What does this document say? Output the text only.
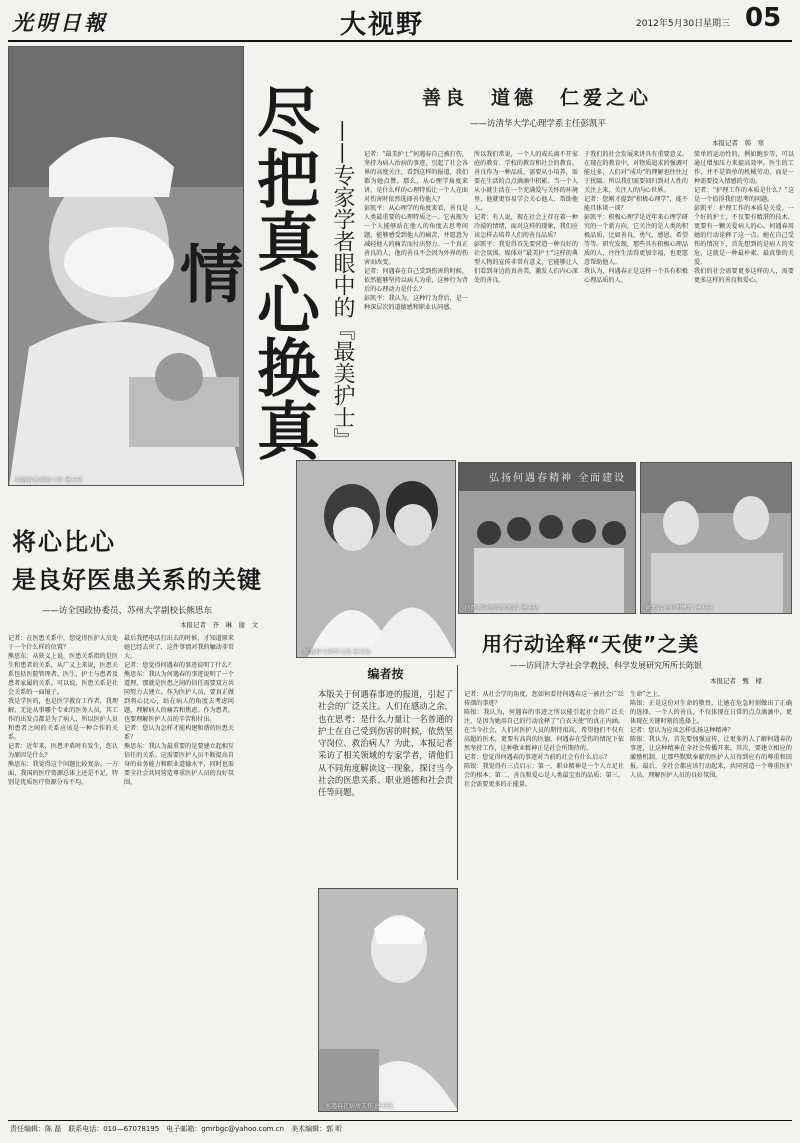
光明日報	大视野	2012年5月30日 星期三 05
何遇春在病房工作 唐天伍
尽把真心换真情	——专家学者眼中的『最美护士』
善良　道德　仁爱之心
——访清华大学心理学系主任彭凯平
本报记者　韩　寒
记者：“最美护士”何遇春自己被打伤，坚持为病人治病的事迹，引起了社会各界的高度关注，看到这样的报道，我们都为她点赞。那么，从心理学角度来讲，是什么样的心理特质让一个人在面对伤害时依然选择善待他人？
彭凯平：从心理学的角度来看，善良是人类最重要的心理特质之一。它表现为一个人能够站在他人的角度去思考问题，能够感受到他人的痛苦，并愿意为减轻他人的痛苦而付出努力。一个真正善良的人，他的善良不会因为外界的伤害而改变。
记者：何遇春在自己受到伤害的时候，依然能够坚持以病人为重，这种行为背后的心理动力是什么？
彭凯平：我认为，这种行为背后，是一种深层次的道德感和职业认同感。
所以我们常说，一个人的成长离不开家庭的教育、学校的教育和社会的教育。善良作为一种品质，需要从小培养，需要在生活的点点滴滴中积累。当一个人从小就生活在一个充满爱与关怀的环境里，他就更容易学会关心他人、帮助他人。
记者：有人说，现在社会上存在着一种冷漠的情绪，面对这样的现象，我们应该怎样去培养人们的善良品质？
彭凯平：我觉得首先要营造一种良好的社会氛围。媒体对“最美护士”这样的典型人物的宣传非常有意义，它能够让人们看到身边的真善美，激发人们内心深处的善良。
于我们的社会发展来讲具有重要意义。在现在的教育中，对物质追求的强调可能过多，人们对“成功”的理解也往往过于狭隘。所以我们需要回归到对人性的关注上来，关注人的内心世界。
记者：您刚才提到“积极心理学”，能不能具体谈一谈？
彭凯平：积极心理学是近年来心理学研究的一个新方向，它关注的是人类的积极品质，比如善良、勇气、感恩、希望等等。研究发现，那些具有积极心理品质的人，往往生活得更加幸福，也更愿意帮助他人。
我认为，何遇春正是这样一个具有积极心理品质的人。
简单的运动性的，例如跑步等，可以通过增加压力来提高效率，医生的工作，并不是简单的机械劳动，而是一种需要投入情感的劳动。
记者：“护理工作的本质是什么？”这是一个值得我们思考的问题。
彭凯平：护理工作的本质是关爱。一个好的护士，不仅要有精湛的技术，更要有一颗关爱病人的心。何遇春用她的行动诠释了这一点。她在自己受伤的情况下，首先想到的是病人的安危，这就是一种最朴素、最真挚的关爱。
我们的社会需要更多这样的人，需要更多这样的善良和爱心。
何遇春与同事交流 唐天伍
弘扬何遇春精神 全面建设
医院领导慰问何遇春 唐天伍	何遇春在护理患者 唐天伍
将心比心
是良好医患关系的关键
——访全国政协委员、苏州大学副校长熊思东
本报记者　齐　琳　谢　文
用行动诠释“天使”之美
——访同济大学社会学教授、科学发展研究所所长陈银
本报记者　甄　樑
记者：在医患关系中，您觉得医护人员处于一个什么样的位置？
熊思东：从狭义上说，医患关系指的是医生和患者的关系，从广义上来说，医患关系包括医院管理者、医生、护士与患者及患者家属的关系。可以说，医患关系是社会关系的一面镜子。
我是学医的，也是医学教育工作者，我理解，无论从事哪个专业的医务人员，其工作的出发点都是为了病人，所以医护人员和患者之间的关系应该是一种合作的关系。
记者：近年来，医患矛盾时有发生，您认为原因是什么？
熊思东：我觉得这个问题比较复杂。一方面，我国的医疗资源总体上还是不足，特别是优质医疗资源分布不均。
最后我把电话打出去的时候，才知道原来她已经去世了，这件事情对我的触动非常大。
记者：您觉得何遇春的事迹说明了什么？
熊思东：我认为何遇春的事迹说明了一个道理，那就是医患之间的信任需要双方共同努力去建立。作为医护人员，要真正做到将心比心，站在病人的角度去考虑问题，理解病人的痛苦和焦虑。作为患者，也要理解医护人员的辛苦和付出。
记者：您认为怎样才能构建和谐的医患关系？
熊思东：我认为最重要的是要建立起相互信任的关系。这需要医护人员不断提高自身的业务能力和职业道德水平，同时也需要全社会共同营造尊重医护人员的良好氛围。
编者按
本版关于何遇春事迹的报道，引起了社会的广泛关注。人们在感动之余，也在思考：是什么力量让一名普通的护士在自己受到伤害的时候，依然坚守岗位、救治病人？为此，本报记者采访了相关领域的专家学者，请他们从不同角度解读这一现象，探讨当今社会的医患关系、职业道德和社会责任等问题。
何遇春在病房工作 唐天伍
记者：从社会学的角度，您如何看待何遇春这一被社会广泛传颂的事迹？
陈银：我认为，何遇春的事迹之所以能引起社会的广泛关注，是因为她用自己的行动诠释了“白衣天使”的真正内涵。在当今社会，人们对医护人员的期待很高，希望他们不仅有高超的医术，更要有高尚的医德。何遇春在受伤的情况下依然坚持工作，这种敬业精神正是社会所期待的。
记者：您觉得何遇春的事迹对当前的社会有什么启示？
陈银：我觉得有三点启示：第一，职业精神是一个人立足社会的根本；第二，善良和爱心是人类最宝贵的品质；第三，社会需要更多的正能量。
生命”之上。
陈银：正是这份对生命的敬畏，让她在危急时刻做出了正确的选择。一个人的善良，不仅体现在日常的点点滴滴中，更体现在关键时刻的选择上。
记者：您认为应该怎样弘扬这种精神？
陈银：我认为，首先要加强宣传，让更多的人了解何遇春的事迹，让这种精神在全社会传播开来。其次，要建立相应的激励机制，让那些默默奉献的医护人员得到应有的尊重和回报。最后，全社会都应该行动起来，共同营造一个尊重医护人员、理解医护人员的良好氛围。
责任编辑：陈 磊　联系电话：010—67078195　电子邮箱：gmrbgc@yahoo.com.cn　美术编辑：郭 昕
